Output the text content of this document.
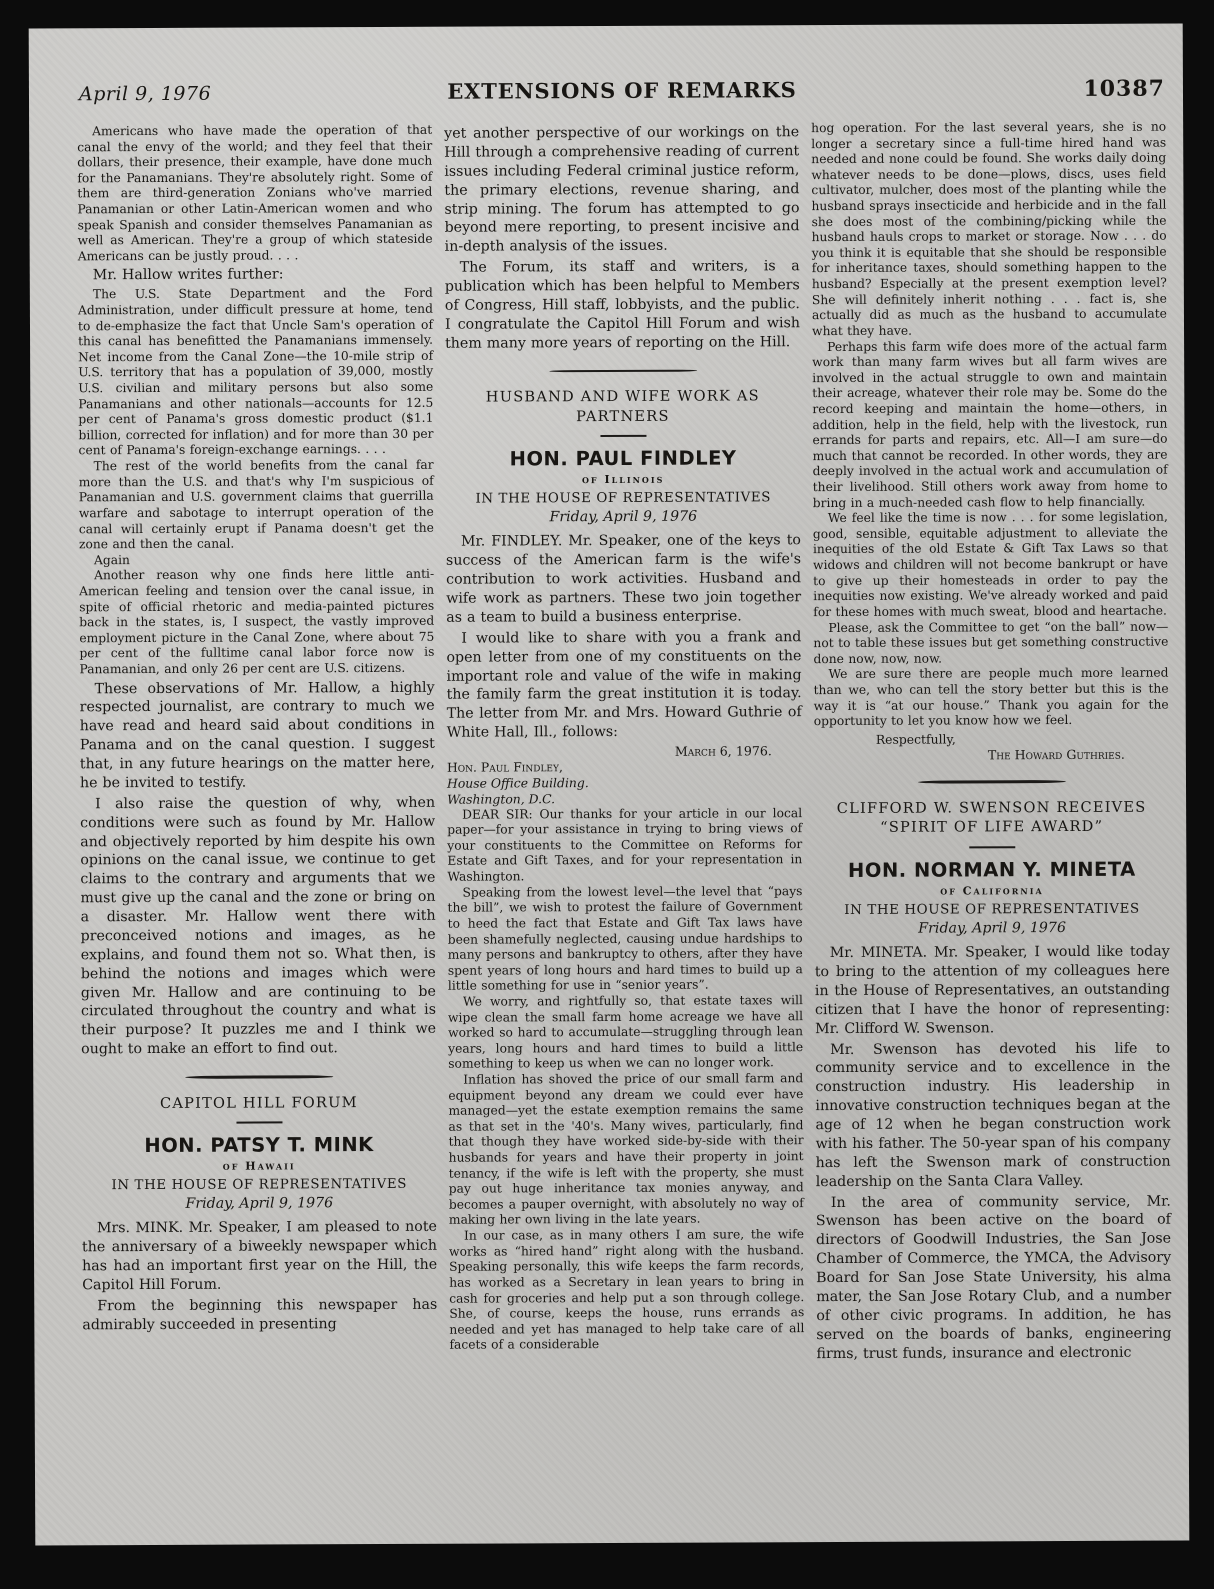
April 9, 1976	EXTENSIONS OF REMARKS	10387
Americans who have made the operation of that canal the envy of the world; and they feel that their dollars, their presence, their example, have done much for the Panamanians. They're absolutely right. Some of them are third-generation Zonians who've married Panamanian or other Latin-American women and who speak Spanish and consider themselves Panamanian as well as American. They're a group of which stateside Americans can be justly proud. . . .
Mr. Hallow writes further:
The U.S. State Department and the Ford Administration, under difficult pressure at home, tend to de-emphasize the fact that Uncle Sam's operation of this canal has benefitted the Panamanians immensely. Net income from the Canal Zone—the 10-mile strip of U.S. territory that has a population of 39,000, mostly U.S. civilian and military persons but also some Panamanians and other nationals—accounts for 12.5 per cent of Panama's gross domestic product ($1.1 billion, corrected for inflation) and for more than 30 per cent of Panama's foreign-exchange earnings. . . .
The rest of the world benefits from the canal far more than the U.S. and that's why I'm suspicious of Panamanian and U.S. government claims that guerrilla warfare and sabotage to interrupt operation of the canal will certainly erupt if Panama doesn't get the zone and then the canal.
Again
Another reason why one finds here little anti-American feeling and tension over the canal issue, in spite of official rhetoric and media-painted pictures back in the states, is, I suspect, the vastly improved employment picture in the Canal Zone, where about 75 per cent of the fulltime canal labor force now is Panamanian, and only 26 per cent are U.S. citizens.
These observations of Mr. Hallow, a highly respected journalist, are contrary to much we have read and heard said about conditions in Panama and on the canal question. I suggest that, in any future hearings on the matter here, he be invited to testify.
I also raise the question of why, when conditions were such as found by Mr. Hallow and objectively reported by him despite his own opinions on the canal issue, we continue to get claims to the contrary and arguments that we must give up the canal and the zone or bring on a disaster. Mr. Hallow went there with preconceived notions and images, as he explains, and found them not so. What then, is behind the notions and images which were given Mr. Hallow and are continuing to be circulated throughout the country and what is their purpose? It puzzles me and I think we ought to make an effort to find out.
CAPITOL HILL FORUM
HON. PATSY T. MINK
of Hawaii
IN THE HOUSE OF REPRESENTATIVES
Friday, April 9, 1976
Mrs. MINK. Mr. Speaker, I am pleased to note the anniversary of a biweekly newspaper which has had an important first year on the Hill, the Capitol Hill Forum.
From the beginning this newspaper has admirably succeeded in presenting
yet another perspective of our workings on the Hill through a comprehensive reading of current issues including Federal criminal justice reform, the primary elections, revenue sharing, and strip mining. The forum has attempted to go beyond mere reporting, to present incisive and in-depth analysis of the issues.
The Forum, its staff and writers, is a publication which has been helpful to Members of Congress, Hill staff, lobbyists, and the public. I congratulate the Capitol Hill Forum and wish them many more years of reporting on the Hill.
HUSBAND AND WIFE WORK AS PARTNERS
HON. PAUL FINDLEY
of Illinois
IN THE HOUSE OF REPRESENTATIVES
Friday, April 9, 1976
Mr. FINDLEY. Mr. Speaker, one of the keys to success of the American farm is the wife's contribution to work activities. Husband and wife work as partners. These two join together as a team to build a business enterprise.
I would like to share with you a frank and open letter from one of my constituents on the important role and value of the wife in making the family farm the great institution it is today. The letter from Mr. and Mrs. Howard Guthrie of White Hall, Ill., follows:
March 6, 1976.
Hon. Paul Findley,
House Office Building.
Washington, D.C.
DEAR SIR: Our thanks for your article in our local paper—for your assistance in trying to bring views of your constituents to the Committee on Reforms for Estate and Gift Taxes, and for your representation in Washington.
Speaking from the lowest level—the level that “pays the bill”, we wish to protest the failure of Government to heed the fact that Estate and Gift Tax laws have been shamefully neglected, causing undue hardships to many persons and bankruptcy to others, after they have spent years of long hours and hard times to build up a little something for use in “senior years”.
We worry, and rightfully so, that estate taxes will wipe clean the small farm home acreage we have all worked so hard to accumulate—struggling through lean years, long hours and hard times to build a little something to keep us when we can no longer work.
Inflation has shoved the price of our small farm and equipment beyond any dream we could ever have managed—yet the estate exemption remains the same as that set in the '40's. Many wives, particularly, find that though they have worked side-by-side with their husbands for years and have their property in joint tenancy, if the wife is left with the property, she must pay out huge inheritance tax monies anyway, and becomes a pauper overnight, with absolutely no way of making her own living in the late years.
In our case, as in many others I am sure, the wife works as “hired hand” right along with the husband. Speaking personally, this wife keeps the farm records, has worked as a Secretary in lean years to bring in cash for groceries and help put a son through college. She, of course, keeps the house, runs errands as needed and yet has managed to help take care of all facets of a considerable
hog operation. For the last several years, she is no longer a secretary since a full-time hired hand was needed and none could be found. She works daily doing whatever needs to be done—plows, discs, uses field cultivator, mulcher, does most of the planting while the husband sprays insecticide and herbicide and in the fall she does most of the combining/picking while the husband hauls crops to market or storage. Now . . . do you think it is equitable that she should be responsible for inheritance taxes, should something happen to the husband? Especially at the present exemption level? She will definitely inherit nothing . . . fact is, she actually did as much as the husband to accumulate what they have.
Perhaps this farm wife does more of the actual farm work than many farm wives but all farm wives are involved in the actual struggle to own and maintain their acreage, whatever their role may be. Some do the record keeping and maintain the home—others, in addition, help in the field, help with the livestock, run errands for parts and repairs, etc. All—I am sure—do much that cannot be recorded. In other words, they are deeply involved in the actual work and accumulation of their livelihood. Still others work away from home to bring in a much-needed cash flow to help financially.
We feel like the time is now . . . for some legislation, good, sensible, equitable adjustment to alleviate the inequities of the old Estate & Gift Tax Laws so that widows and children will not become bankrupt or have to give up their homesteads in order to pay the inequities now existing. We've already worked and paid for these homes with much sweat, blood and heartache.
Please, ask the Committee to get “on the ball” now—not to table these issues but get something constructive done now, now, now.
We are sure there are people much more learned than we, who can tell the story better but this is the way it is “at our house.” Thank you again for the opportunity to let you know how we feel.
Respectfully,
The Howard Guthries.
CLIFFORD W. SWENSON RECEIVES “SPIRIT OF LIFE AWARD”
HON. NORMAN Y. MINETA
of California
IN THE HOUSE OF REPRESENTATIVES
Friday, April 9, 1976
Mr. MINETA. Mr. Speaker, I would like today to bring to the attention of my colleagues here in the House of Representatives, an outstanding citizen that I have the honor of representing: Mr. Clifford W. Swenson.
Mr. Swenson has devoted his life to community service and to excellence in the construction industry. His leadership in innovative construction techniques began at the age of 12 when he began construction work with his father. The 50-year span of his company has left the Swenson mark of construction leadership on the Santa Clara Valley.
In the area of community service, Mr. Swenson has been active on the board of directors of Goodwill Industries, the San Jose Chamber of Commerce, the YMCA, the Advisory Board for San Jose State University, his alma mater, the San Jose Rotary Club, and a number of other civic programs. In addition, he has served on the boards of banks, engineering firms, trust funds, insurance and electronic
